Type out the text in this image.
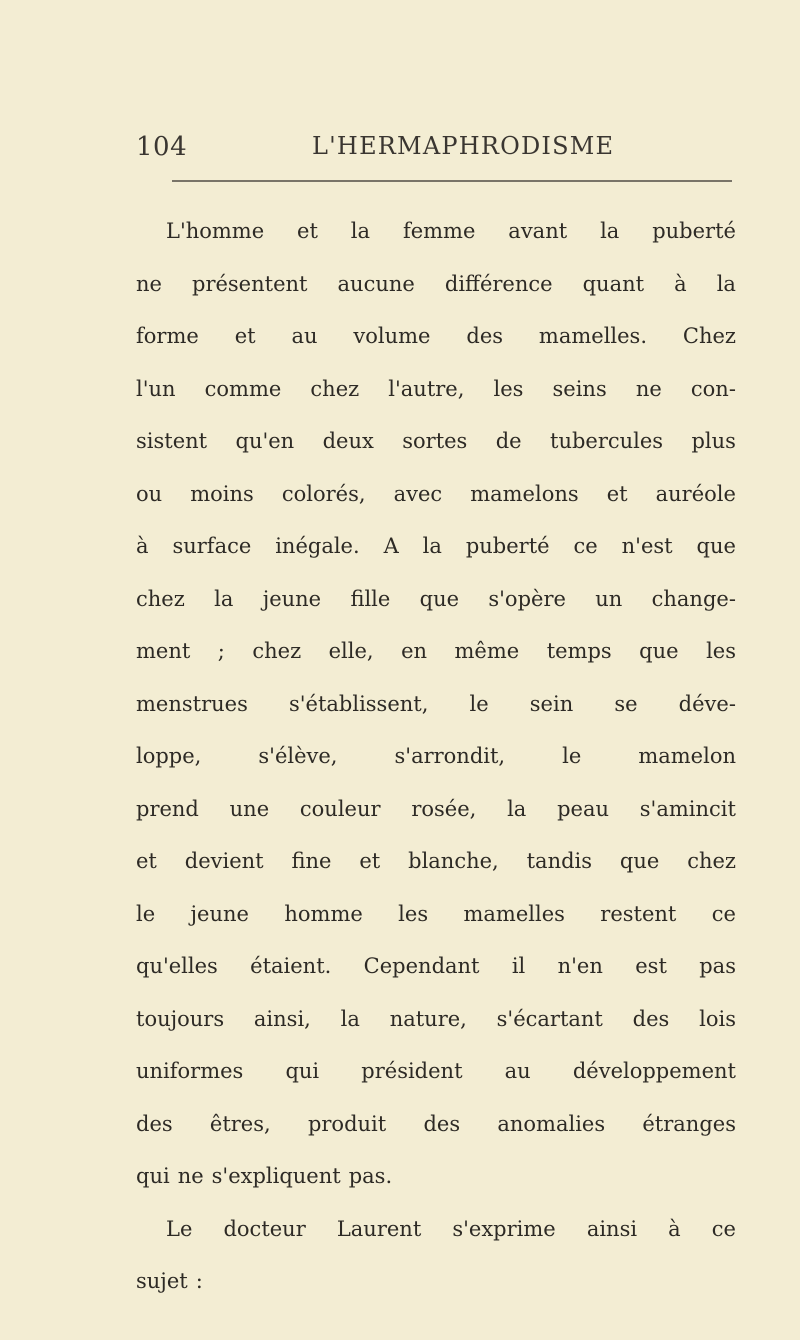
104	L'HERMAPHRODISME
L'homme et la femme avant la puberté
ne présentent aucune différence quant à la
forme et au volume des mamelles. Chez
l'un comme chez l'autre, les seins ne con-
sistent qu'en deux sortes de tubercules plus
ou moins colorés, avec mamelons et auréole
à surface inégale. A la puberté ce n'est que
chez la jeune fille que s'opère un change-
ment ; chez elle, en même temps que les
menstrues s'établissent, le sein se déve-
loppe,	s'élève,	s'arrondit,	le	mamelon
prend une couleur rosée, la peau s'amincit
et devient fine et blanche, tandis que chez
le jeune homme les mamelles restent ce
qu'elles étaient. Cependant il n'en est pas
toujours ainsi, la nature, s'écartant des lois
uniformes qui président au développement
des êtres, produit des anomalies étranges
qui ne s'expliquent pas.
Le docteur Laurent s'exprime ainsi à ce
sujet :
